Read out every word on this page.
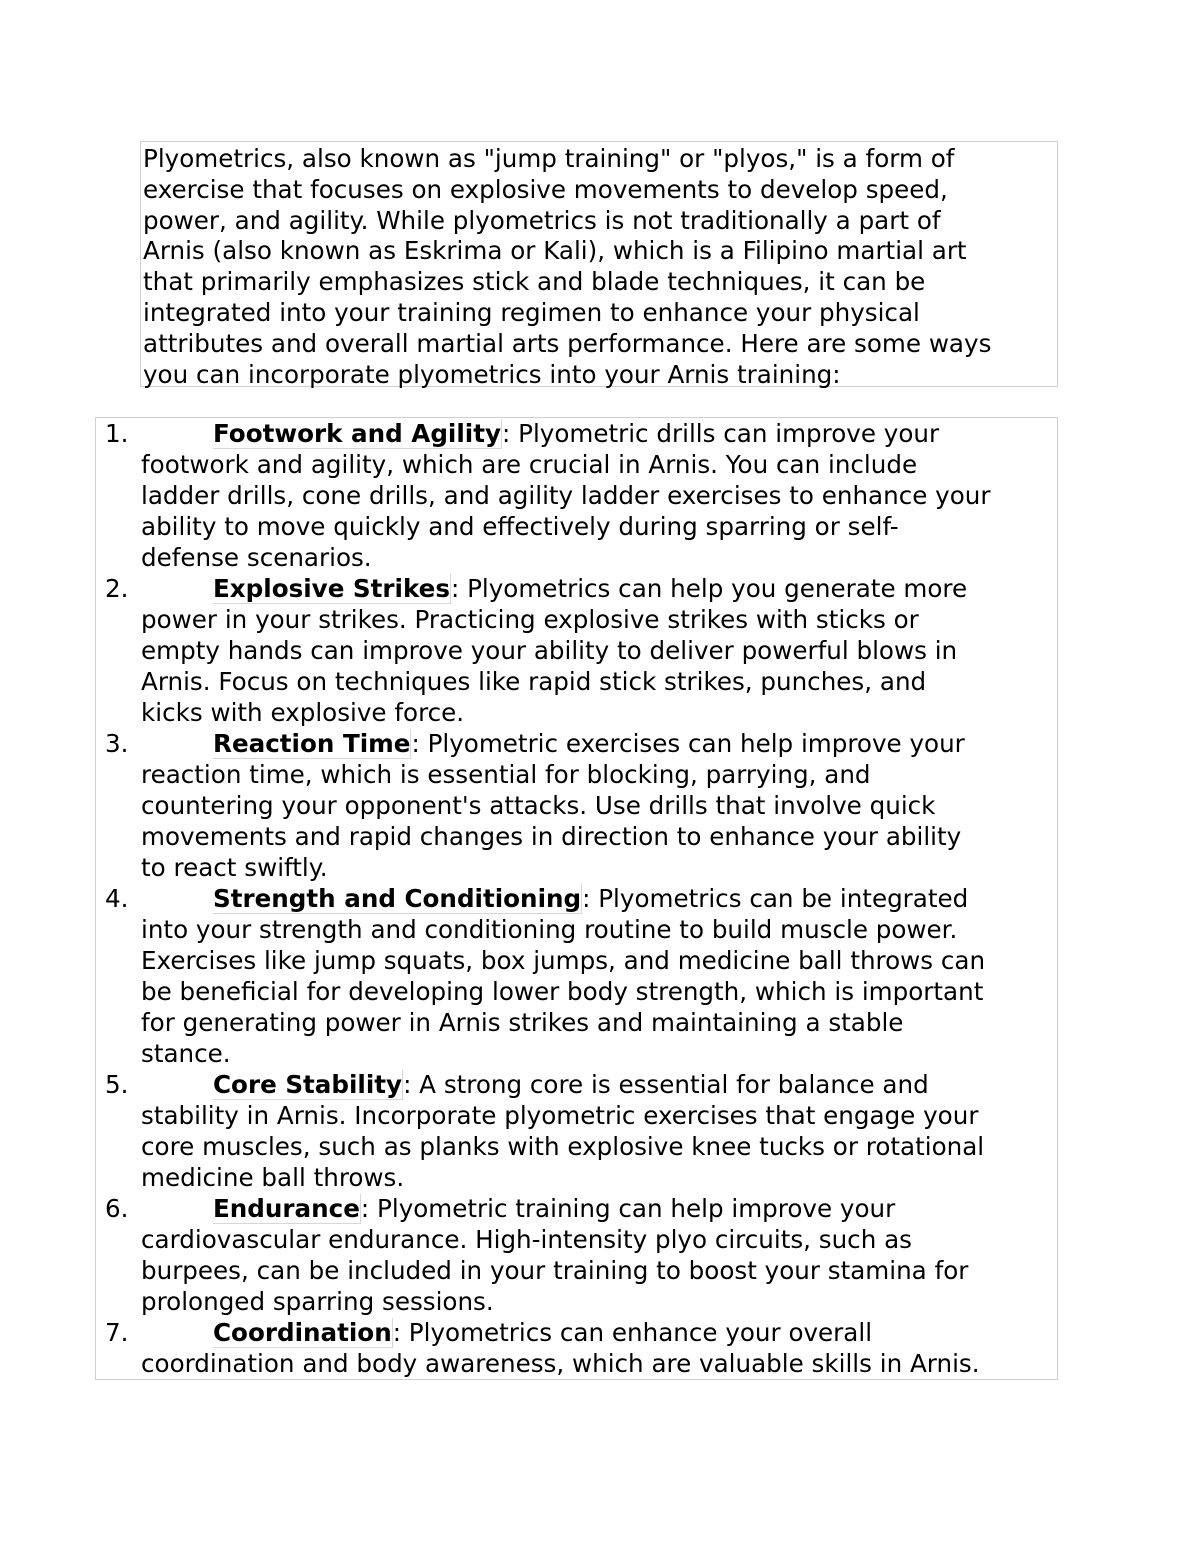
Plyometrics, also known as "jump training" or "plyos," is a form of
exercise that focuses on explosive movements to develop speed,
power, and agility. While plyometrics is not traditionally a part of
Arnis (also known as Eskrima or Kali), which is a Filipino martial art
that primarily emphasizes stick and blade techniques, it can be
integrated into your training regimen to enhance your physical
attributes and overall martial arts performance. Here are some ways
you can incorporate plyometrics into your Arnis training:
1.	Footwork and Agility: Plyometric drills can improve your
footwork and agility, which are crucial in Arnis. You can include
ladder drills, cone drills, and agility ladder exercises to enhance your
ability to move quickly and effectively during sparring or self-
defense scenarios.
2.	Explosive Strikes: Plyometrics can help you generate more
power in your strikes. Practicing explosive strikes with sticks or
empty hands can improve your ability to deliver powerful blows in
Arnis. Focus on techniques like rapid stick strikes, punches, and
kicks with explosive force.
3.	Reaction Time: Plyometric exercises can help improve your
reaction time, which is essential for blocking, parrying, and
countering your opponent's attacks. Use drills that involve quick
movements and rapid changes in direction to enhance your ability
to react swiftly.
4.	Strength and Conditioning: Plyometrics can be integrated
into your strength and conditioning routine to build muscle power.
Exercises like jump squats, box jumps, and medicine ball throws can
be beneficial for developing lower body strength, which is important
for generating power in Arnis strikes and maintaining a stable
stance.
5.	Core Stability: A strong core is essential for balance and
stability in Arnis. Incorporate plyometric exercises that engage your
core muscles, such as planks with explosive knee tucks or rotational
medicine ball throws.
6.	Endurance: Plyometric training can help improve your
cardiovascular endurance. High-intensity plyo circuits, such as
burpees, can be included in your training to boost your stamina for
prolonged sparring sessions.
7.	Coordination: Plyometrics can enhance your overall
coordination and body awareness, which are valuable skills in Arnis.
